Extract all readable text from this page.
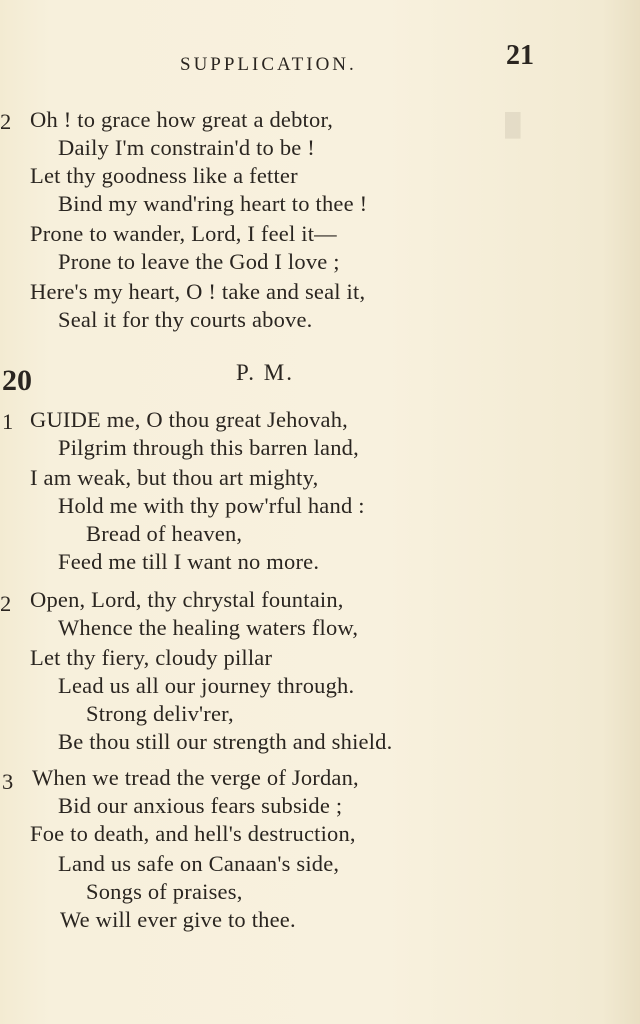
█
SUPPLICATION.	21
2 Oh ! to grace how great a debtor,
Daily I'm constrain'd to be !
Let thy goodness like a fetter
Bind my wand'ring heart to thee !
Prone to wander, Lord, I feel it—
Prone to leave the God I love ;
Here's my heart, O ! take and seal it,
Seal it for thy courts above.
20	P. M.
1 GUIDE me, O thou great Jehovah,
Pilgrim through this barren land,
I am weak, but thou art mighty,
Hold me with thy pow'rful hand :
Bread of heaven,
Feed me till I want no more.
2 Open, Lord, thy chrystal fountain,
Whence the healing waters flow,
Let thy fiery, cloudy pillar
Lead us all our journey through.
Strong deliv'rer,
Be thou still our strength and shield.
3 When we tread the verge of Jordan,
Bid our anxious fears subside ;
Foe to death, and hell's destruction,
Land us safe on Canaan's side,
Songs of praises,
We will ever give to thee.
